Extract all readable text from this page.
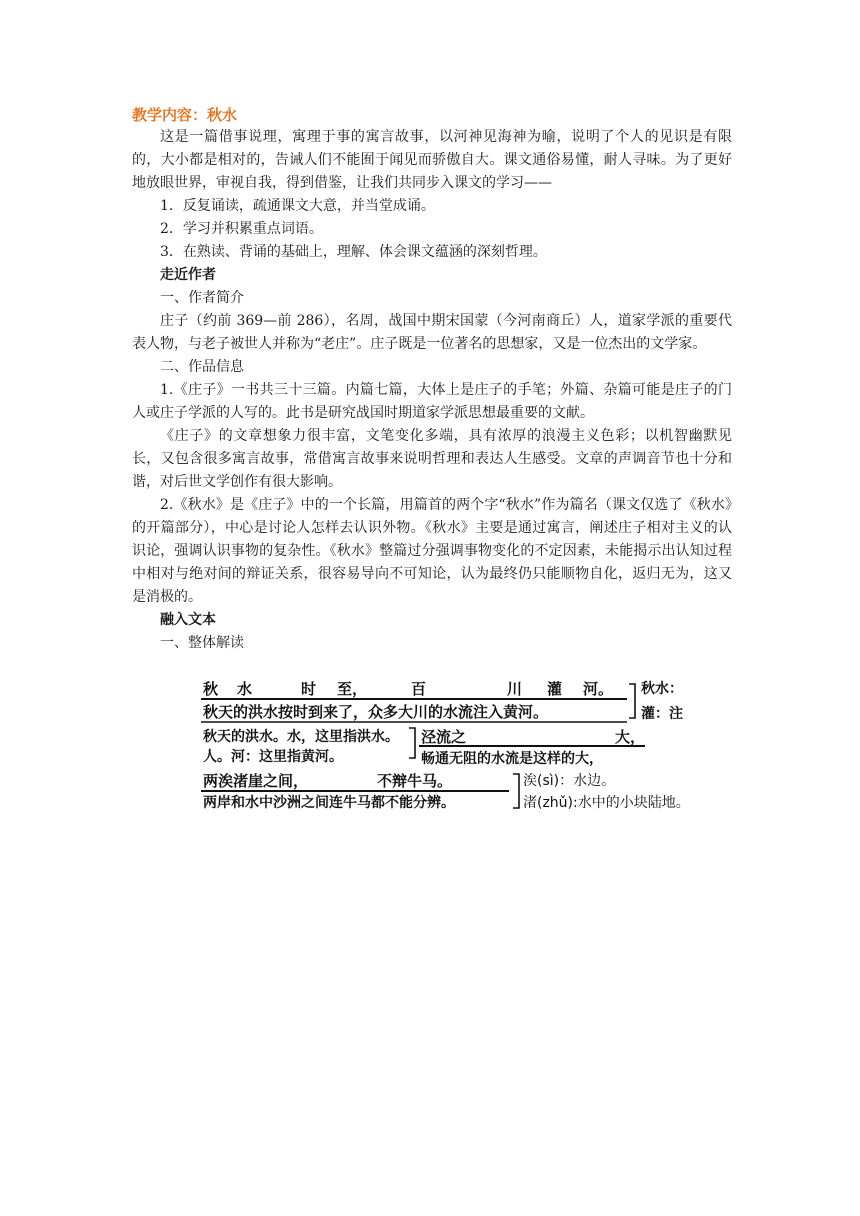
教学内容：秋水

这是一篇借事说理，寓理于事的寓言故事，以河神见海神为喻，说明了个人的见识是有限的，大小都是相对的，告诫人们不能囿于闻见而骄傲自大。课文通俗易懂，耐人寻味。为了更好地放眼世界，审视自我，得到借鉴，让我们共同步入课文的学习——

1．反复诵读，疏通课文大意，并当堂成诵。

2．学习并积累重点词语。

3．在熟读、背诵的基础上，理解、体会课文蕴涵的深刻哲理。

走近作者

一、作者简介

庄子（约前 369—前 286），名周，战国中期宋国蒙（今河南商丘）人，道家学派的重要代表人物，与老子被世人并称为“老庄”。庄子既是一位著名的思想家，又是一位杰出的文学家。

二、作品信息

1.《庄子》一书共三十三篇。内篇七篇，大体上是庄子的手笔；外篇、杂篇可能是庄子的门人或庄子学派的人写的。此书是研究战国时期道家学派思想最重要的文献。

《庄子》的文章想象力很丰富，文笔变化多端，具有浓厚的浪漫主义色彩；以机智幽默见长，又包含很多寓言故事，常借寓言故事来说明哲理和表达人生感受。文章的声调音节也十分和谐，对后世文学创作有很大影响。

2.《秋水》是《庄子》中的一个长篇，用篇首的两个字“秋水”作为篇名（课文仅选了《秋水》的开篇部分），中心是讨论人怎样去认识外物。《秋水》主要是通过寓言，阐述庄子相对主义的认识论，强调认识事物的复杂性。《秋水》整篇过分强调事物变化的不定因素，未能揭示出认知过程中相对与绝对间的辩证关系，很容易导向不可知论，认为最终仍只能顺物自化，返归无为，这又是消极的。

融入文本

一、整体解读

秋 水	时 至，	百	川 灌 河。 秋水：
秋天的洪水按时到来了，众多大川的水流注入黄河。	灌：注
秋天的洪水。水，这里指洪水。
人。河：这里指黄河。
泾流之	大，
畅通无阻的水流是这样的大，
两涘渚崖之间，	不辩牛马。	涘(sì)：水边。
两岸和水中沙洲之间连牛马都不能分辨。	渚(zhǔ):水中的小块陆地。
